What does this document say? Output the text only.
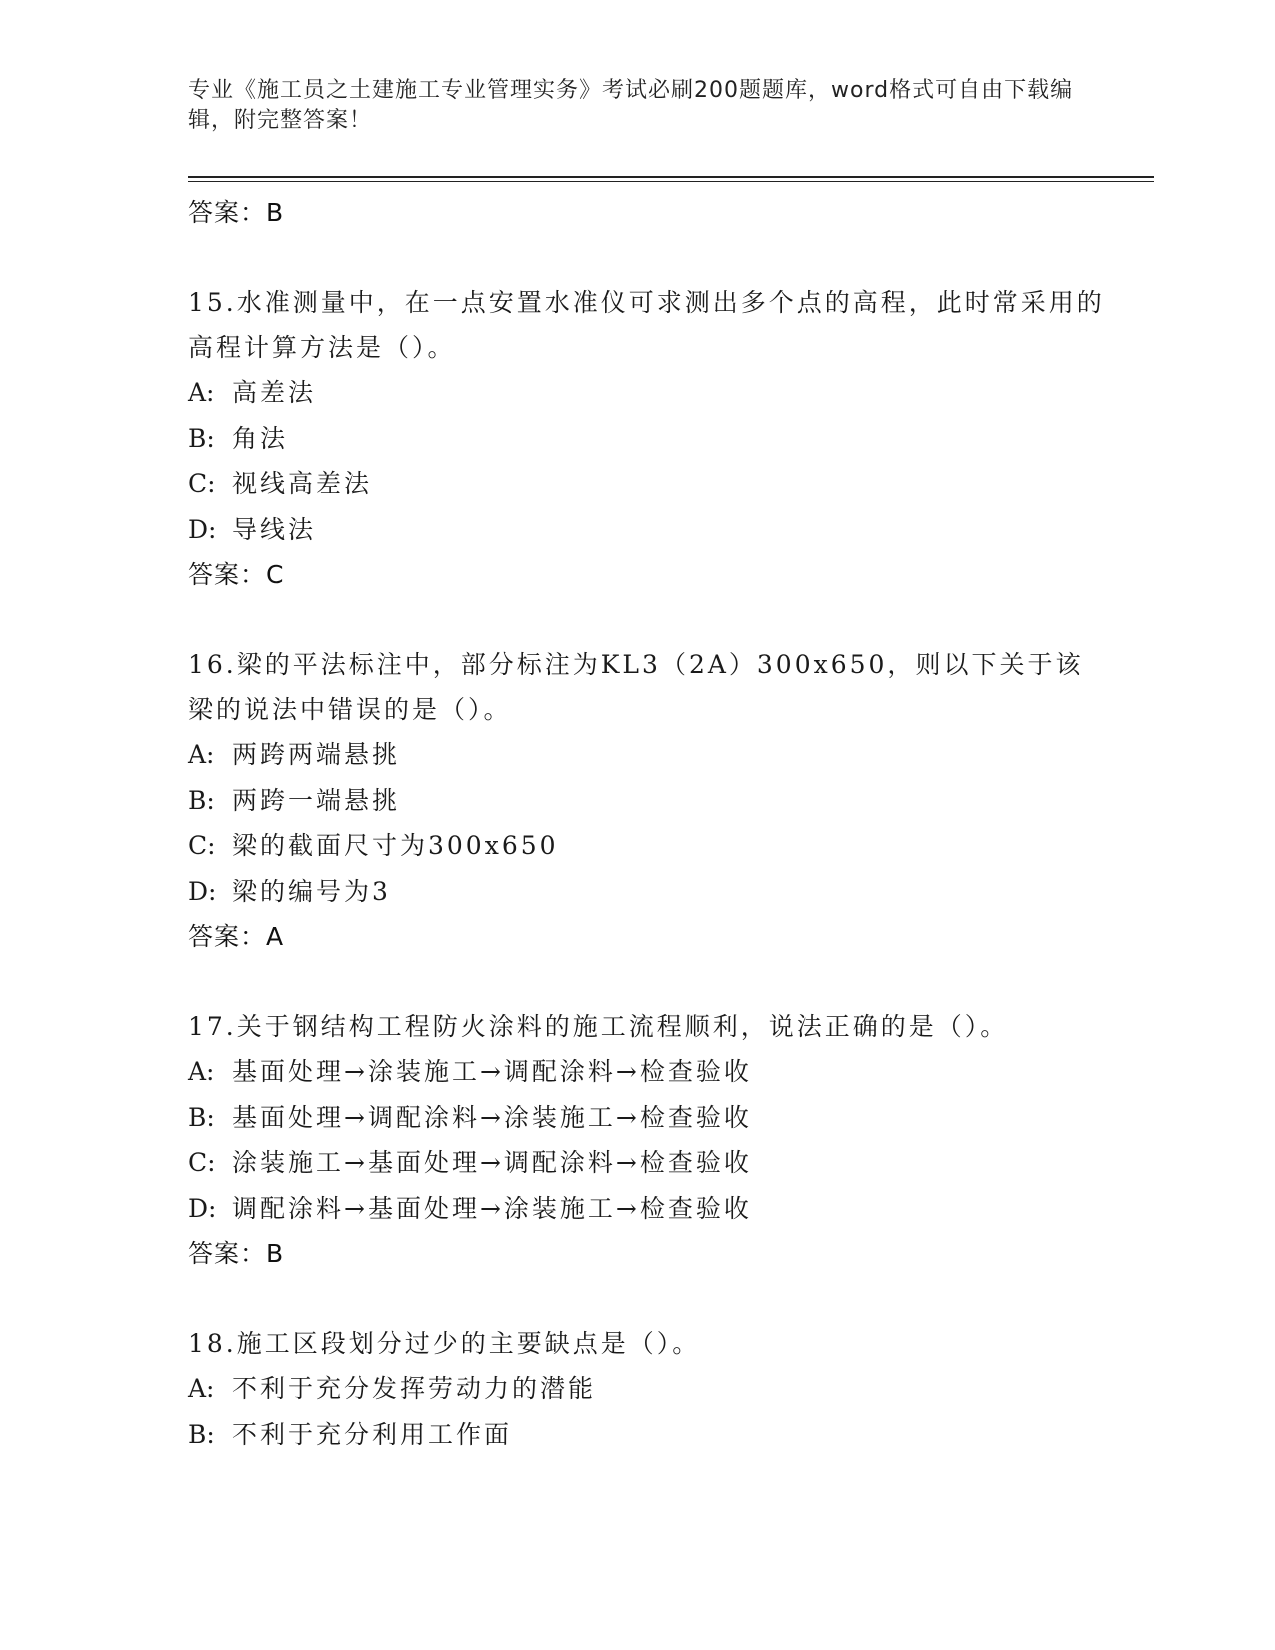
专业《施工员之土建施工专业管理实务》考试必刷200题题库，word格式可自由下载编辑，附完整答案！
答案：B
15.水准测量中，在一点安置水准仪可求测出多个点的高程，此时常采用的高程计算方法是（）。
A: 高差法
B: 角法
C: 视线高差法
D: 导线法
答案：C
16.梁的平法标注中，部分标注为KL3（2A）300x650，则以下关于该梁的说法中错误的是（）。
A: 两跨两端悬挑
B: 两跨一端悬挑
C: 梁的截面尺寸为300x650
D: 梁的编号为3
答案：A
17.关于钢结构工程防火涂料的施工流程顺利，说法正确的是（）。
A: 基面处理→涂装施工→调配涂料→检查验收
B: 基面处理→调配涂料→涂装施工→检查验收
C: 涂装施工→基面处理→调配涂料→检查验收
D: 调配涂料→基面处理→涂装施工→检查验收
答案：B
18.施工区段划分过少的主要缺点是（）。
A: 不利于充分发挥劳动力的潜能
B: 不利于充分利用工作面
